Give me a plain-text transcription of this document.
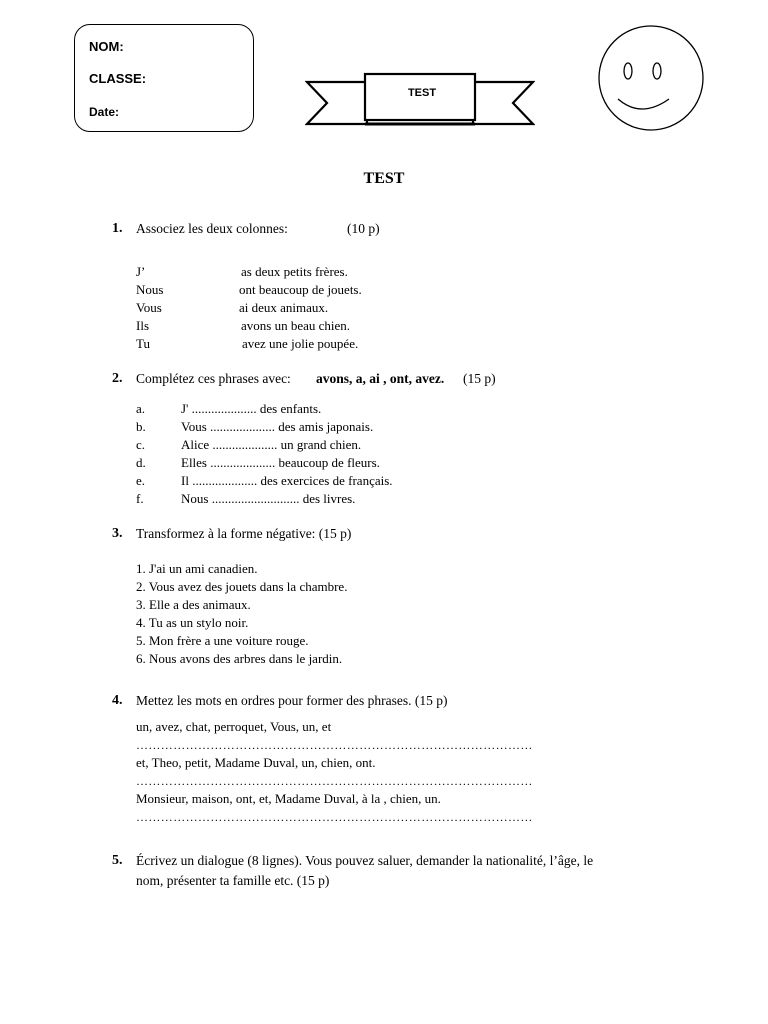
NOM:
CLASSE:
Date:
TEST
TEST
1. Associez les deux colonnes:	(10 p)
J’
Nous
Vous
Ils
Tu
as deux petits frères.
ont beaucoup de jouets.
ai deux animaux.
avons un beau chien.
avez une jolie poupée.
2. Complétez ces phrases avec: avons, a, ai , ont, avez. (15 p)
a.
b.
c.
d.
e.
f.
J' .................... des enfants.
Vous .................... des amis japonais.
Alice .................... un grand chien.
Elles .................... beaucoup de fleurs.
Il .................... des exercices de français.
Nous ........................... des livres.
3. Transformez à la forme négative: (15 p)
1. J'ai un ami canadien.
2. Vous avez des jouets dans la chambre.
3. Elle a des animaux.
4. Tu as un stylo noir.
5. Mon frère a une voiture rouge.
6. Nous avons des arbres dans le jardin.
4. Mettez les mots en ordres pour former des phrases. (15 p)
un, avez, chat, perroquet, Vous, un, et
……………………………………………………………………………………
et, Theo, petit, Madame Duval, un, chien, ont.
……………………………………………………………………………………
Monsieur, maison, ont, et, Madame Duval, à la , chien, un.
……………………………………………………………………………………
5. Écrivez un dialogue (8 lignes). Vous pouvez saluer, demander la nationalité, l’âge, le
nom, présenter ta famille etc. (15 p)
